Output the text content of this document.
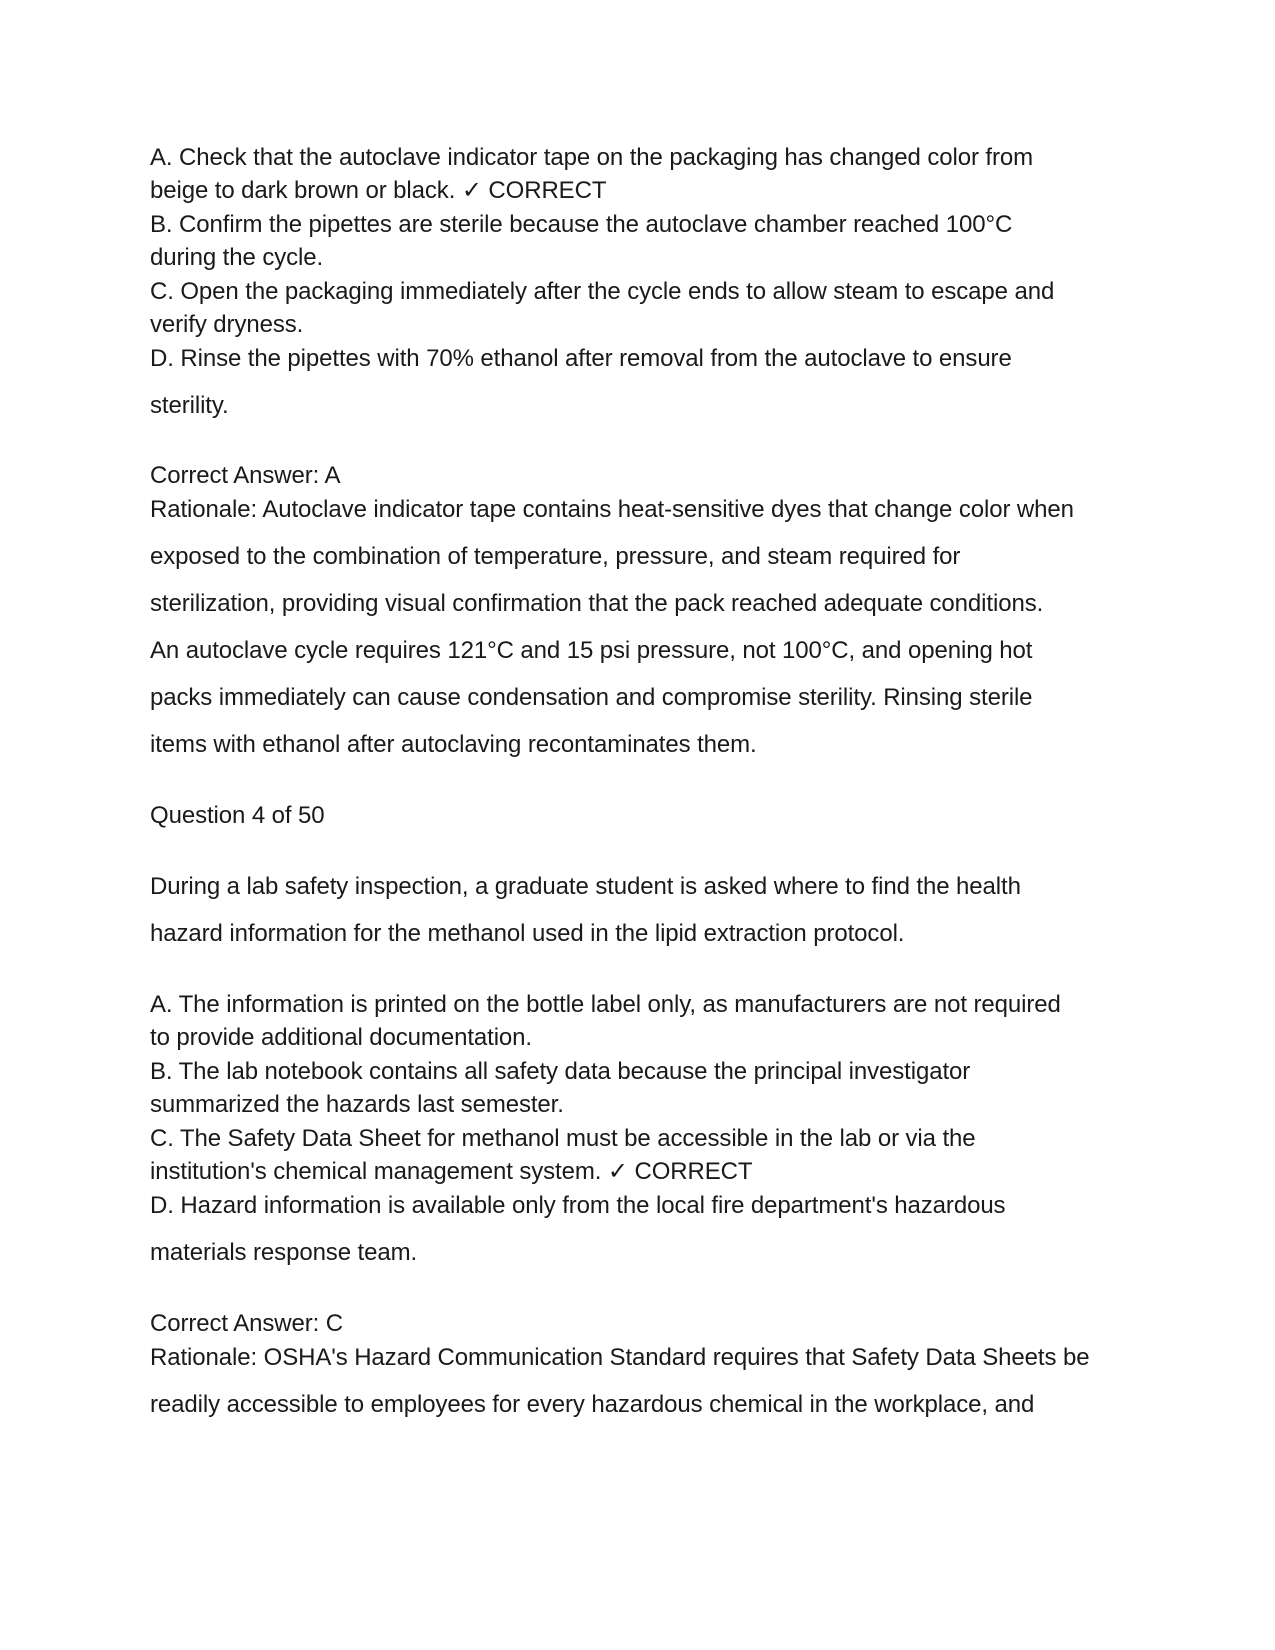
A. Check that the autoclave indicator tape on the packaging has changed color from
beige to dark brown or black. ✓ CORRECT
B. Confirm the pipettes are sterile because the autoclave chamber reached 100°C
during the cycle.
C. Open the packaging immediately after the cycle ends to allow steam to escape and
verify dryness.
D. Rinse the pipettes with 70% ethanol after removal from the autoclave to ensure
sterility.
Correct Answer: A
Rationale: Autoclave indicator tape contains heat-sensitive dyes that change color when
exposed to the combination of temperature, pressure, and steam required for
sterilization, providing visual confirmation that the pack reached adequate conditions.
An autoclave cycle requires 121°C and 15 psi pressure, not 100°C, and opening hot
packs immediately can cause condensation and compromise sterility. Rinsing sterile
items with ethanol after autoclaving recontaminates them.
Question 4 of 50
During a lab safety inspection, a graduate student is asked where to find the health
hazard information for the methanol used in the lipid extraction protocol.
A. The information is printed on the bottle label only, as manufacturers are not required
to provide additional documentation.
B. The lab notebook contains all safety data because the principal investigator
summarized the hazards last semester.
C. The Safety Data Sheet for methanol must be accessible in the lab or via the
institution's chemical management system. ✓ CORRECT
D. Hazard information is available only from the local fire department's hazardous
materials response team.
Correct Answer: C
Rationale: OSHA's Hazard Communication Standard requires that Safety Data Sheets be
readily accessible to employees for every hazardous chemical in the workplace, and
